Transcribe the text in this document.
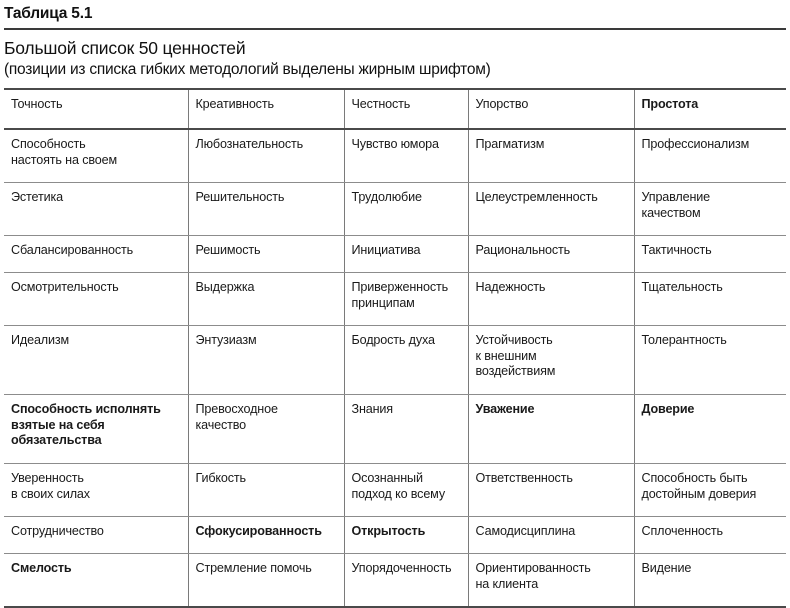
Таблица 5.1
Большой список 50 ценностей
(позиции из списка гибких методологий выделены жирным шрифтом)
Точность	Креативность	Честность	Упорство	Простота

Способность
настоять на своем	Любознательность	Чувство юмора	Прагматизм	Профессионализм

Эстетика	Решительность	Трудолюбие	Целеустремленность	Управление
качеством

Сбалансированность	Решимость	Инициатива	Рациональность	Тактичность

Осмотрительность	Выдержка	Приверженность
принципам	Надежность	Тщательность

Идеализм	Энтузиазм	Бодрость духа	Устойчивость
к внешним
воздействиям	Толерантность

Способность исполнять
взятые на себя
обязательства	Превосходное
качество	Знания	Уважение	Доверие

Уверенность
в своих силах	Гибкость	Осознанный
подход ко всему	Ответственность	Способность быть
достойным доверия

Сотрудничество	Сфокусированность	Открытость	Самодисциплина	Сплоченность

Смелость	Стремление помочь	Упорядоченность	Ориентированность
на клиента	Видение
